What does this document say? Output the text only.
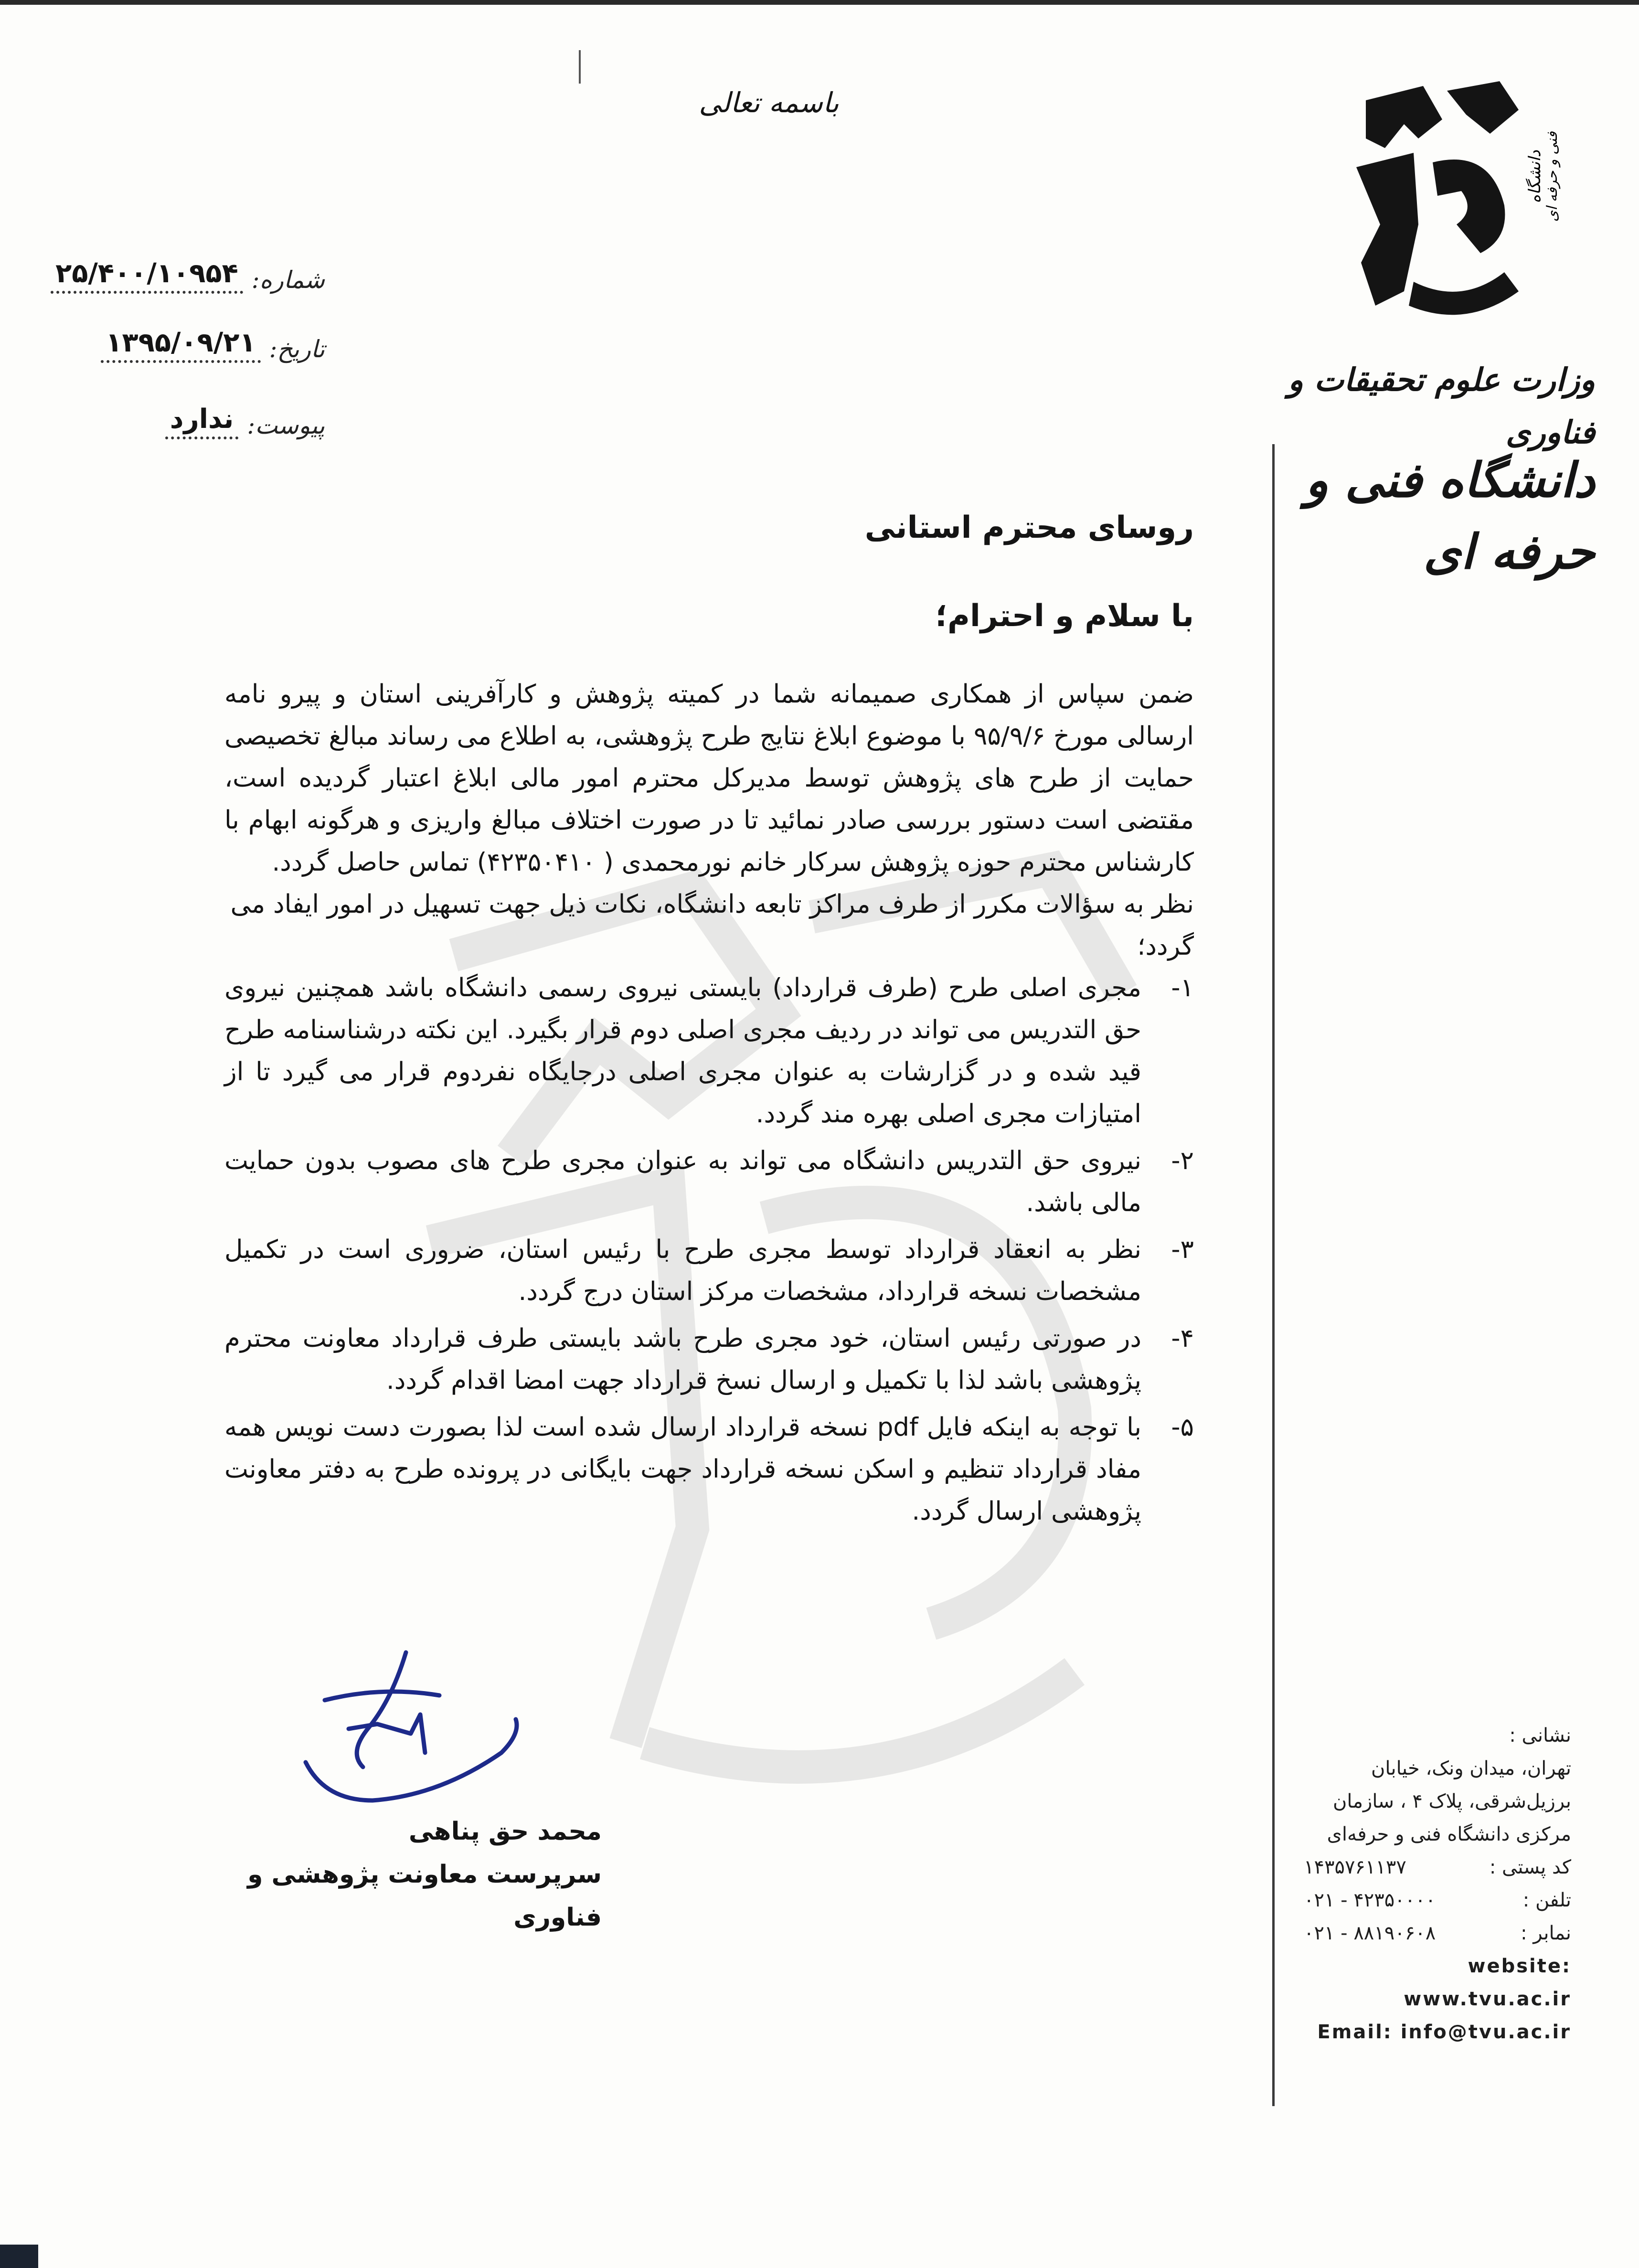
باسمه تعالی
شماره:
۲۵/۴۰۰/۱۰۹۵۴
تاریخ:
۱۳۹۵/۰۹/۲۱
پیوست:
ندارد
دانشگاه فنی و حرفه ای
وزارت علوم تحقیقات و فناوری
دانشگاه فنی و حرفه ای
روسای محترم استانی
با سلام و احترام؛

ضمن سپاس از همکاری صمیمانه شما در کمیته پژوهش و کارآفرینی استان و پیرو نامه ارسالی مورخ ۹۵/۹/۶ با موضوع ابلاغ نتایج طرح پژوهشی، به اطلاع می رساند مبالغ تخصیصی حمایت از طرح های پژوهش توسط مدیرکل محترم امور مالی ابلاغ اعتبار گردیده است، مقتضی است دستور بررسی صادر نمائید تا در صورت اختلاف مبالغ واریزی و هرگونه ابهام با کارشناس محترم حوزه پژوهش سرکار خانم نورمحمدی ( ۴۲۳۵۰۴۱۰) تماس حاصل گردد.

نظر به سؤالات مکرر از طرف مراکز تابعه دانشگاه، نکات ذیل جهت تسهیل در امور ایفاد می گردد؛

۱-
مجری اصلی طرح (طرف قرارداد) بایستی نیروی رسمی دانشگاه باشد همچنین نیروی حق التدریس می تواند در ردیف مجری اصلی دوم قرار بگیرد. این نکته درشناسنامه طرح قید شده و در گزارشات به عنوان مجری اصلی درجایگاه نفردوم قرار می گیرد تا از امتیازات مجری اصلی بهره مند گردد.
۲-
نیروی حق التدریس دانشگاه می تواند به عنوان مجری طرح های مصوب بدون حمایت مالی باشد.
۳-
نظر به انعقاد قرارداد توسط مجری طرح با رئیس استان، ضروری است در تکمیل مشخصات نسخه قرارداد، مشخصات مرکز استان درج گردد.
۴-
در صورتی رئیس استان، خود مجری طرح باشد بایستی طرف قرارداد معاونت محترم پژوهشی باشد لذا با تکمیل و ارسال نسخ قرارداد جهت امضا اقدام گردد.
۵-
با توجه به اینکه فایل pdf نسخه قرارداد ارسال شده است لذا بصورت دست نویس همه مفاد قرارداد تنظیم و اسکن نسخه قرارداد جهت بایگانی در پرونده طرح به دفتر معاونت پژوهشی ارسال گردد.
محمد حق پناهی
سرپرست معاونت پژوهشی و فناوری
نشانی :
تهران، میدان ونک، خیابان
برزیل‌شرقی، پلاک ۴ ، سازمان
مرکزی دانشگاه فنی و حرفه‌ای
کد پستی :
۱۴۳۵۷۶۱۱۳۷
تلفن :
۰۲۱ - ۴۲۳۵۰۰۰۰
نمابر :
۰۲۱ - ۸۸۱۹۰۶۰۸
website: www.tvu.ac.ir
Email: info@tvu.ac.ir
